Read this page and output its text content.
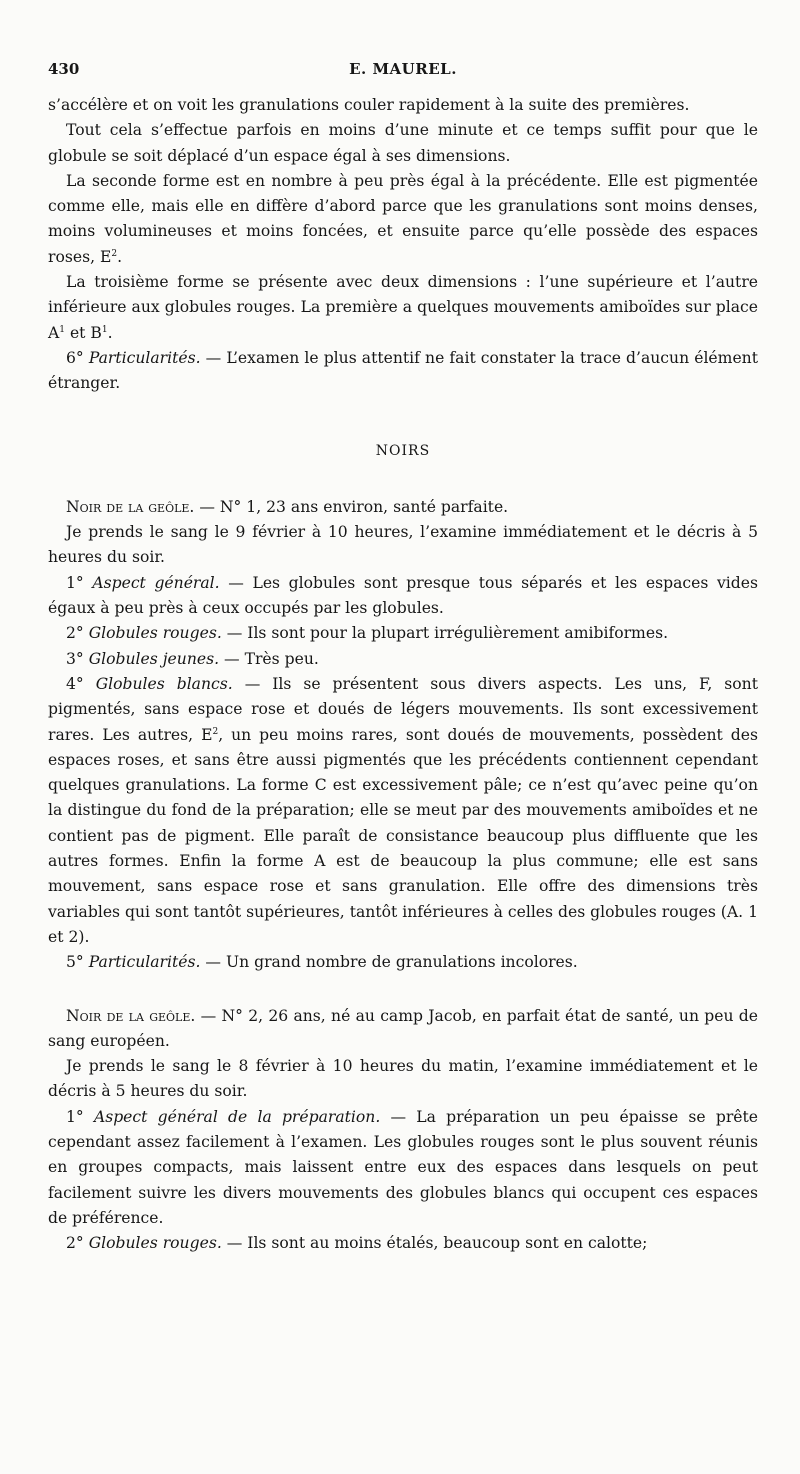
430	E. MAUREL.

s’accélère et on voit les granulations couler rapidement à la suite des premières.

Tout cela s’effectue parfois en moins d’une minute et ce temps suffit pour que le globule se soit déplacé d’un espace égal à ses dimensions.

La seconde forme est en nombre à peu près égal à la précédente. Elle est pigmentée comme elle, mais elle en diffère d’abord parce que les granulations sont moins denses, moins volumineuses et moins foncées, et ensuite parce qu’elle possède des espaces roses, $E^2$.

La troisième forme se présente avec deux dimensions : l’une supérieure et l’autre inférieure aux globules rouges. La première a quelques mouvements amiboïdes sur place $A^1$ et $B^1$.

6° Particularités. — L’examen le plus attentif ne fait constater la trace d’aucun élément étranger.

NOIRS

Noir de la geôle. — N° 1, 23 ans environ, santé parfaite.

Je prends le sang le 9 février à 10 heures, l’examine immédiatement et le décris à 5 heures du soir.

1° Aspect général. — Les globules sont presque tous séparés et les espaces vides égaux à peu près à ceux occupés par les globules.

2° Globules rouges. — Ils sont pour la plupart irrégulièrement amibiformes.

3° Globules jeunes. — Très peu.

4° Globules blancs. — Ils se présentent sous divers aspects. Les uns, F, sont pigmentés, sans espace rose et doués de légers mouvements. Ils sont excessivement rares. Les autres, $E^2$, un peu moins rares, sont doués de mouvements, possèdent des espaces roses, et sans être aussi pigmentés que les précédents contiennent cependant quelques granulations. La forme C est excessivement pâle; ce n’est qu’avec peine qu’on la distingue du fond de la préparation; elle se meut par des mouvements amiboïdes et ne contient pas de pigment. Elle paraît de consistance beaucoup plus diffluente que les autres formes. Enfin la forme A est de beaucoup la plus commune; elle est sans mouvement, sans espace rose et sans granulation. Elle offre des dimensions très variables qui sont tantôt supérieures, tantôt inférieures à celles des globules rouges (A. 1 et 2).

5° Particularités. — Un grand nombre de granulations incolores.

Noir de la geôle. — N° 2, 26 ans, né au camp Jacob, en parfait état de santé, un peu de sang européen.

Je prends le sang le 8 février à 10 heures du matin, l’examine immédiatement et le décris à 5 heures du soir.

1° Aspect général de la préparation. — La préparation un peu épaisse se prête cependant assez facilement à l’examen. Les globules rouges sont le plus souvent réunis en groupes compacts, mais laissent entre eux des espaces dans lesquels on peut facilement suivre les divers mouvements des globules blancs qui occupent ces espaces de préférence.

2° Globules rouges. — Ils sont au moins étalés, beaucoup sont en calotte;
